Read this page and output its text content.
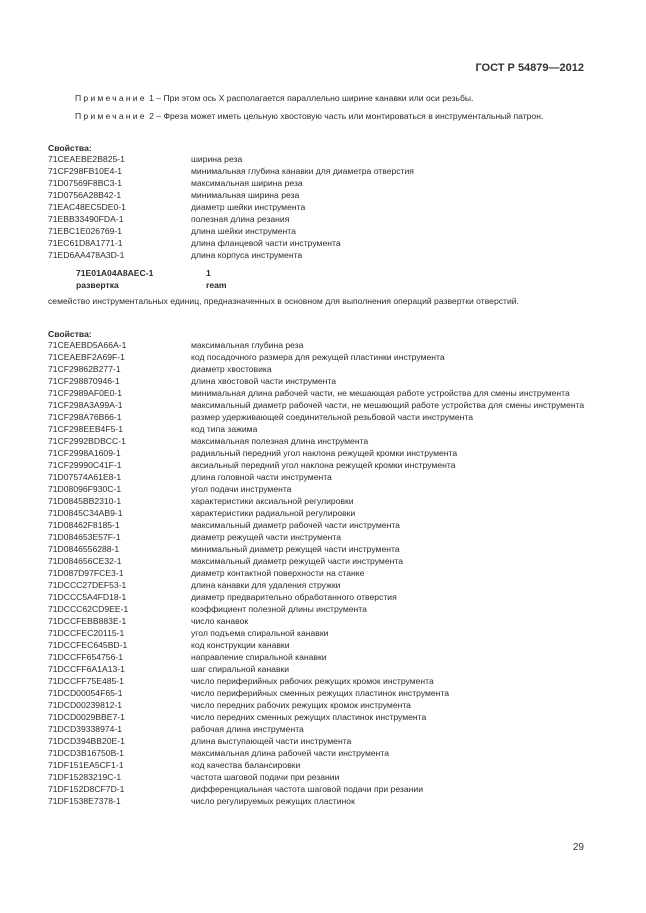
ГОСТ Р 54879—2012
Примечание 1 – При этом ось X располагается параллельно ширине канавки или оси резьбы.
Примечание 2 – Фреза может иметь цельную хвостовую часть или монтироваться в инструментальный патрон.
Свойства:
71CEAEBE2B825-1	ширина реза
71CF298FB10E4-1	минимальная глубина канавки для диаметра отверстия
71D07569F8BC3-1	максимальная ширина реза
71D0756A28B42-1	минимальная ширина реза
71EAC48EC5DE0-1	диаметр шейки инструмента
71EBB33490FDA-1	полезная длина резания
71EBC1E026769-1	длина шейки инструмента
71EC61D8A1771-1	длина фланцевой части инструмента
71ED6AA478A3D-1	длина корпуса инструмента
71E01A04A8AEC-1	1
развертка	ream
семейство инструментальных единиц, предназначенных в основном для выполнения операций развертки отверстий.
Свойства:
71CEAEBD5A66A-1	максимальная глубина реза
71CEAEBF2A69F-1	код посадочного размера для режущей пластинки инструмента
71CF29862B277-1	диаметр хвостовика
71CF298870946-1	длина хвостовой части инструмента
71CF2989AF0E0-1	минимальная длина рабочей части, не мешающая работе устройства для смены инструмента
71CF298A3A99A-1	максимальный диаметр рабочей части, не мешающий работе устройства для смены инструмента
71CF298A76B66-1	размер удерживающей соединительной резьбовой части инструмента
71CF298EEB4F5-1	код типа зажима
71CF2992BDBCC-1	максимальная полезная длина инструмента
71CF2998A1609-1	радиальный передний угол наклона режущей кромки инструмента
71CF29990C41F-1	аксиальный передний угол наклона режущей кромки инструмента
71D07574A61E8-1	длина головной части инструмента
71D08096F930C-1	угол подачи инструмента
71D0845BB2310-1	характеристики аксиальной регулировки
71D0845C34AB9-1	характеристики радиальной регулировки
71D08462F8185-1	максимальный диаметр рабочей части инструмента
71D084653E57F-1	диаметр режущей части инструмента
71D0846556288-1	минимальный диаметр режущей части инструмента
71D084656CE32-1	максимальный диаметр режущей части инструмента
71D087D97FCE3-1	диаметр контактной поверхности на станке
71DCCC27DEF53-1	длина канавки для удаления стружки
71DCCC5A4FD18-1	диаметр предварительно обработанного отверстия
71DCCC62CD9EE-1	коэффициент полезной длины инструмента
71DCCFEBB883E-1	число канавок
71DCCFEC20115-1	угол подъема спиральной канавки
71DCCFEC645BD-1	код конструкции канавки
71DCCFF654756-1	направление спиральной канавки
71DCCFF6A1A13-1	шаг спиральной канавки
71DCCFF75E485-1	число периферийных рабочих режущих кромок инструмента
71DCD00054F65-1	число периферийных сменных режущих пластинок инструмента
71DCD00239812-1	число передних рабочих режущих кромок инструмента
71DCD0029BBE7-1	число передних сменных режущих пластинок инструмента
71DCD39338974-1	рабочая длина инструмента
71DCD394BB20E-1	длина выступающей части инструмента
71DCD3B16750B-1	максимальная длина рабочей части инструмента
71DF151EA5CF1-1	код качества балансировки
71DF15283219C-1	частота шаговой подачи при резании
71DF152D8CF7D-1	дифференциальная частота шаговой подачи при резании
71DF1538E7378-1	число регулируемых режущих пластинок
29
